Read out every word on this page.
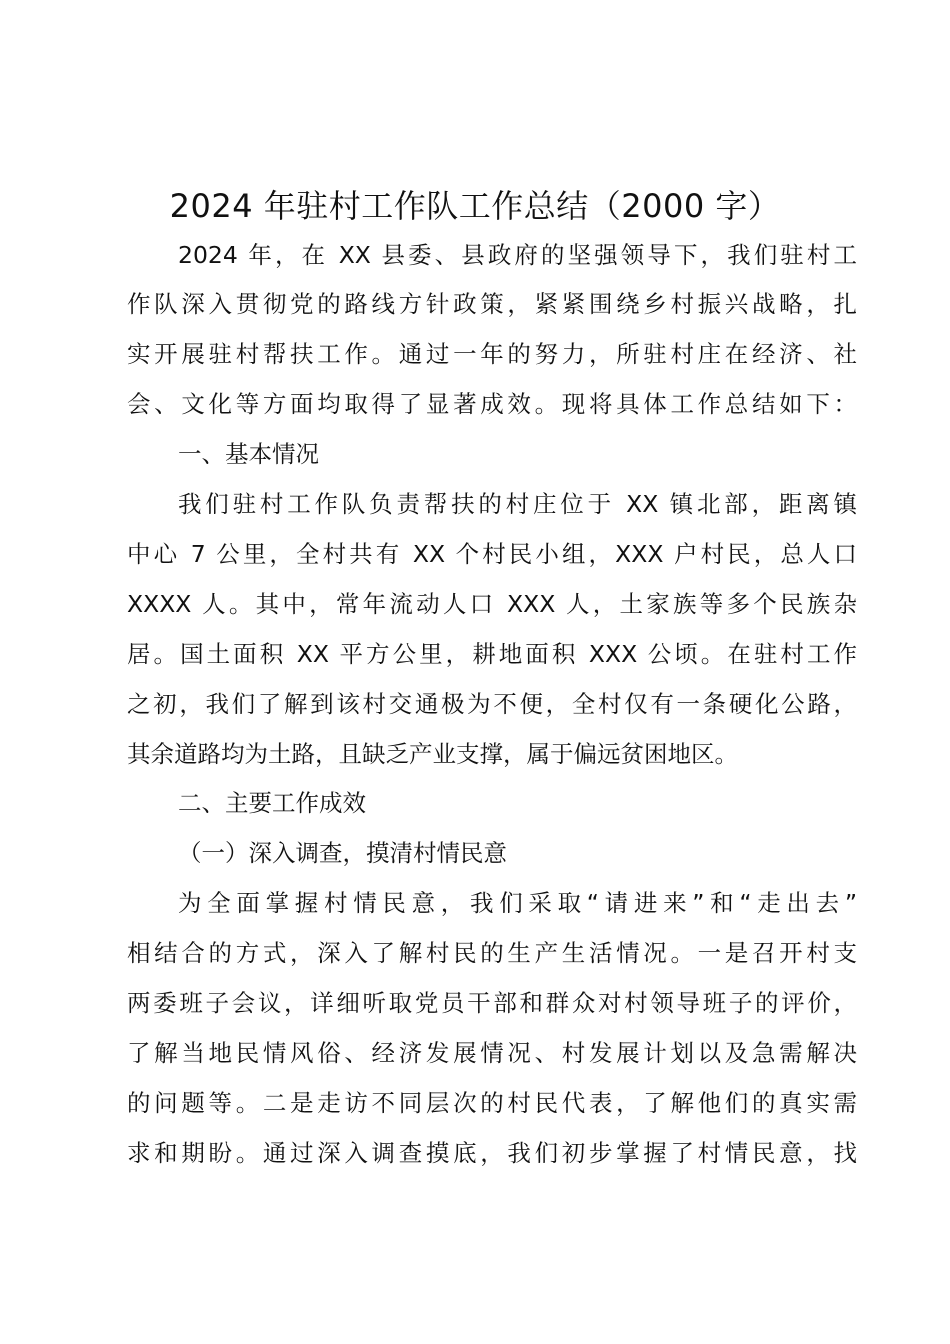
2024 年驻村工作队工作总结（2000 字）
2024 年，在 XX 县委、县政府的坚强领导下，我们驻村工
作队深入贯彻党的路线方针政策，紧紧围绕乡村振兴战略，扎
实开展驻村帮扶工作。通过一年的努力，所驻村庄在经济、社
会、文化等方面均取得了显著成效。现将具体工作总结如下：
一、基本情况
我们驻村工作队负责帮扶的村庄位于 XX 镇北部，距离镇
中心 7 公里，全村共有 XX 个村民小组，XXX 户村民，总人口
XXXX 人。其中，常年流动人口 XXX 人，土家族等多个民族杂
居。国土面积 XX 平方公里，耕地面积 XXX 公顷。在驻村工作
之初，我们了解到该村交通极为不便，全村仅有一条硬化公路，
其余道路均为土路，且缺乏产业支撑，属于偏远贫困地区。
二、主要工作成效
（一）深入调查，摸清村情民意
为全面掌握村情民意，我们采取“请进来”和“走出去”
相结合的方式，深入了解村民的生产生活情况。一是召开村支
两委班子会议，详细听取党员干部和群众对村领导班子的评价，
了解当地民情风俗、经济发展情况、村发展计划以及急需解决
的问题等。二是走访不同层次的村民代表，了解他们的真实需
求和期盼。通过深入调查摸底，我们初步掌握了村情民意，找
